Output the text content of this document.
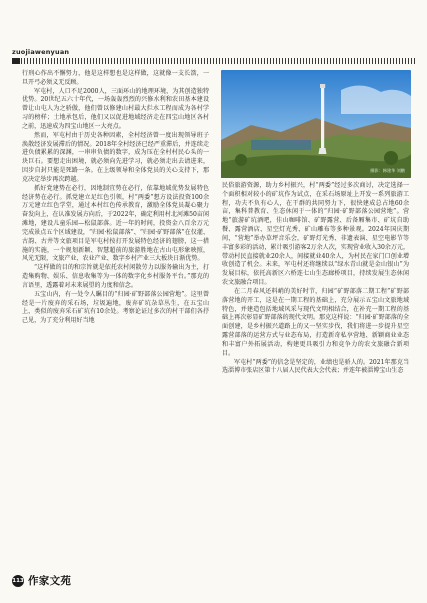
zuojiawenyuan
摄影：韩建华 刘鹏

行刑心作出不懈努力，他是这样想也是这样做，这就像一支长箭，一旦开弓必须义无反顾。

军屯村，人口不足2000人，三面环山的地理环境，为其创造独特优势。20世纪五六十年代，一场轰轰烈烈的兴修水利和农田基本建设曾让山屯人为之骄傲，他们曾以修建山村最大拦水工程而成为各村学习的榜样；土地承包后，他们又以促进地域经济走在四宝山地区各村之前，迅速成为四宝山地区一大亮点。

然而，军屯村由于历史各种因素，全村经济曾一度出现领导班子涣散经济发展滞后的情况。2018年全村经济已经严重滞后，并连续走进负债累累的深渊，一串串负债的数字，成为压在全村村民心头的一块巨石。要想走出困境，就必须向先进学习，就必须走出去请进来，因步自封只能是死路一条。在上级领导和全体党员的关心支持下，那克决定举步再次跨越。

抓好党建势在必行，因地制宜势在必行，依靠地域优势发展特色经济势在必行。抓党建立足红色引领，村“两委”想方设法投资100余万元建立红色学堂，通过本村红色传承教育，激励全体党员凝心聚力奋发向上，在认准发展方向后，于2022年，确定利用村北河滩50亩闲滩地，建设儿童乐园—松鼠部落。近一年的时间，投资金八百余万元完成景点五个区域建设，“归园·松鼠部落”、“归园·矿野部落”在仅灌、古韵、古井等文旅项目是军屯村按打开发展特色经济的翅膀，这一措施的实施，一个规划新颖、智慧超前的旅游胜地在古山屯形象映照，风光无限，文旅产业、农业产业、数字乡村产业三大板块日渐优势。

“这样做的目的和宗旨就是依托农村闲散劳力以服务输出为主，打造集购物、娱乐、信息收集等为一体的数字化乡村服务平台。”那克的言语里，透露着对未来展望的力度和信念。

五宝山内，有一处令人瞩目的“归园·矿野部落公园营地”。这里曾经是一片废弃的采石场，垃圾遍地，废弃矿坑杂草丛生，在五宝山上，类似的废弃采石矿坑有10余处。考察论证过多次的村干部们各抒己见，为了充分利用好当地

民俗旅游资源，助力乡村振兴，村“两委”经过多次商讨，决定选择一个面积相对较小的矿坑作为试点，在采石场原址上开发一系列旅游工程，功夫不负有心人，在干群的共同努力下，很快建成总占地60余亩，集科普教育、生态休闲于一体的“归园·矿野部落公园营地”。营地“旅游矿坑酒吧，佳山咖啡馆、矿野露营、后备厢集市、矿坑自助餐、露营酒店、星空灯光秀、矿山雕布等多种景观。2024年国庆期间，“营地”举办草坪音乐会，矿野灯光秀、非遗表演、星空电影节等丰富多彩的活动，累计吸引游客2万余人次，实现营业收入30余万元，带动村民直接就业20余人，间接就业40余人，为村民在家门口创业增收创造了机会。未来，军屯村还将继续以“绿水青山就是金山银山”为发展目标，依托高新区六桥连七山生态廊桥项目，持续发展生态休闲农文旅融合项目。

在二月春风还料峭的美好时节，归园“矿野部落二期工程”矿野部落营地的开工，这是在一期工程的基础上，充分展示五宝山文旅地域特色，并建造包括地域风采与现代文明相结合，在补充一期工程的基础上再次彰显矿野部落的现代文明。那克这样说：“归园·矿野部落的全面创建，是乡村振兴道路上的又一坚实步伐，我们将进一步提升星空露营部落的运营方式与业态布局，打造新奇私享营地、新颖商业业态和丰富户外拓展活动，构建更具吸引力和竞争力的农文旅融合新项目。

军屯村“两委”的信念是坚定的，业绩也是骄人的。2021年那克当选淄博市张店区第十八届人民代表大会代表；并连年被淄博宝山生态

113 作家文苑
